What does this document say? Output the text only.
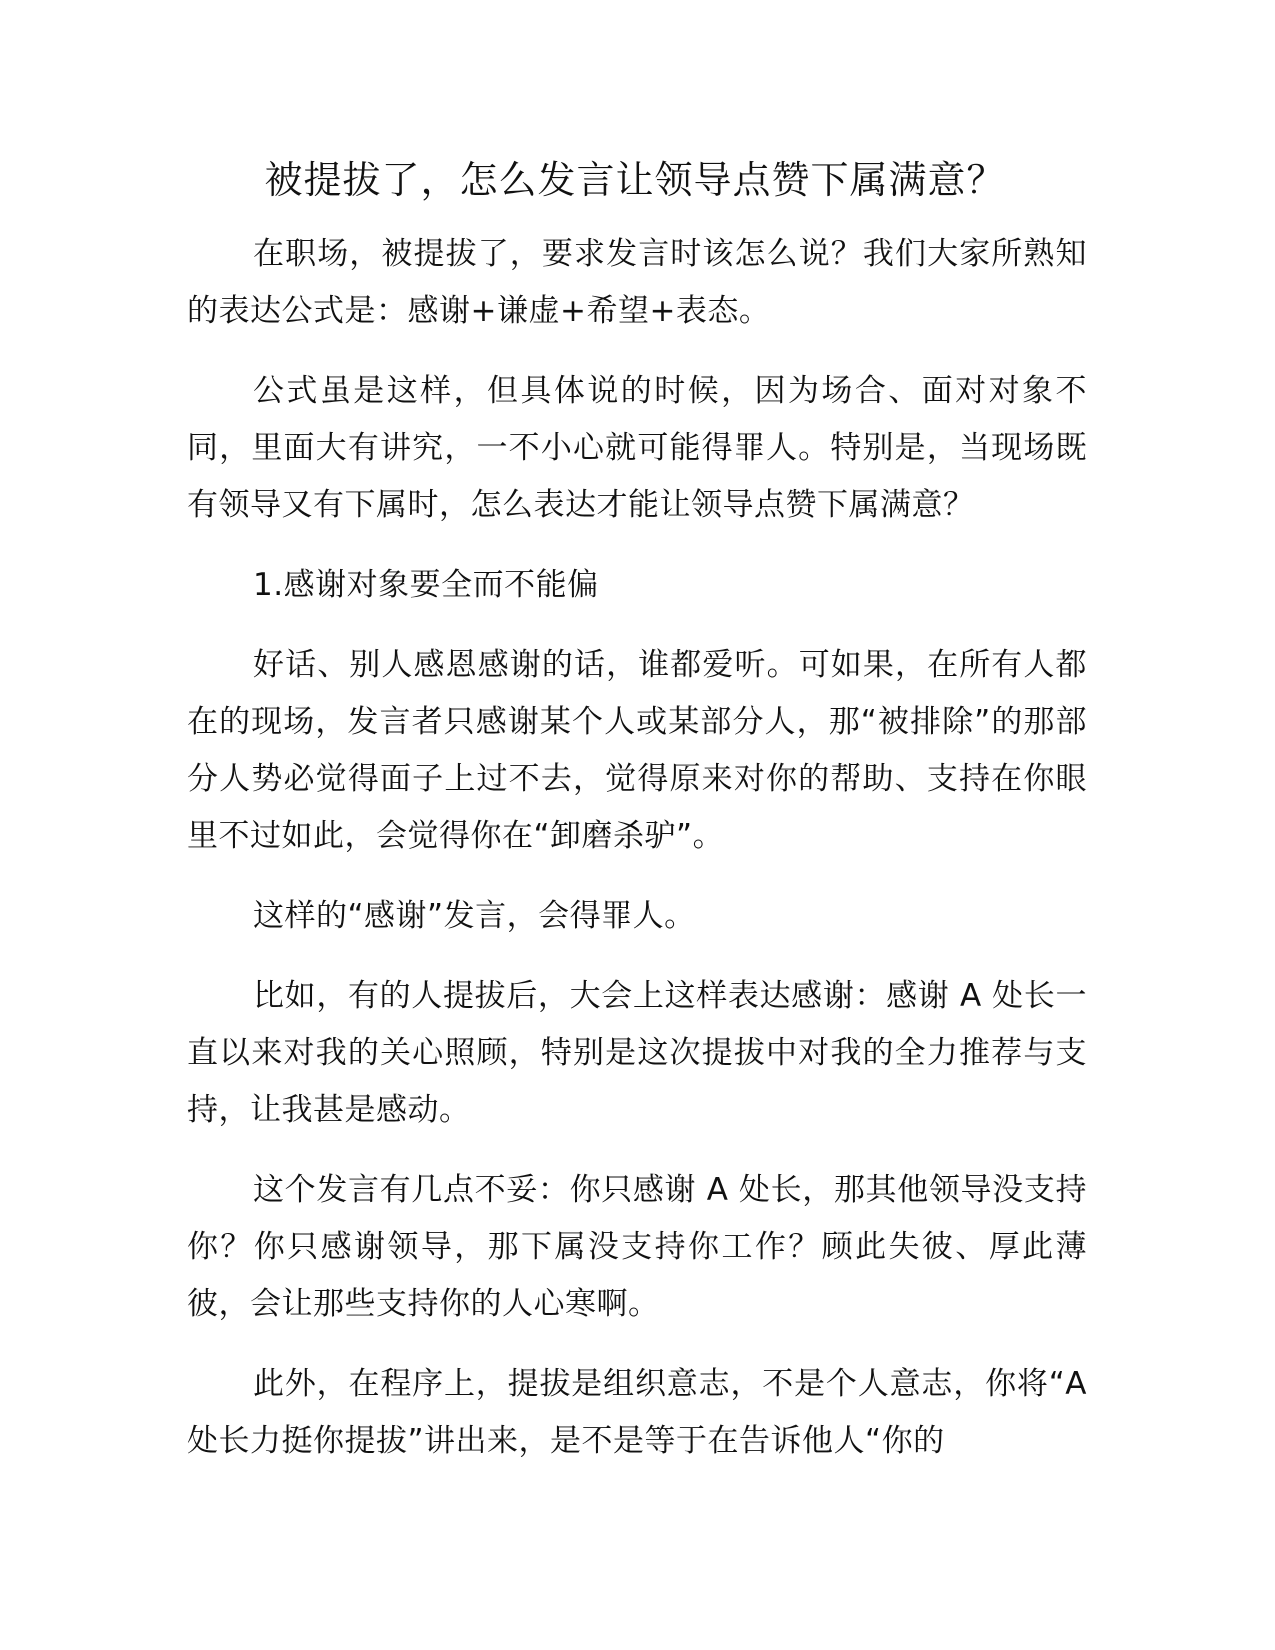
被提拔了，怎么发言让领导点赞下属满意？

在职场，被提拔了，要求发言时该怎么说？我们大家所熟知的表达公式是：感谢+谦虚+希望+表态。

公式虽是这样，但具体说的时候，因为场合、面对对象不同，里面大有讲究，一不小心就可能得罪人。特别是，当现场既有领导又有下属时，怎么表达才能让领导点赞下属满意？

1.感谢对象要全而不能偏

好话、别人感恩感谢的话，谁都爱听。可如果，在所有人都在的现场，发言者只感谢某个人或某部分人，那“被排除”的那部分人势必觉得面子上过不去，觉得原来对你的帮助、支持在你眼里不过如此，会觉得你在“卸磨杀驴”。

这样的“感谢”发言，会得罪人。

比如，有的人提拔后，大会上这样表达感谢：感谢 A 处长一直以来对我的关心照顾，特别是这次提拔中对我的全力推荐与支持，让我甚是感动。

这个发言有几点不妥：你只感谢 A 处长，那其他领导没支持你？你只感谢领导，那下属没支持你工作？顾此失彼、厚此薄彼，会让那些支持你的人心寒啊。

此外，在程序上，提拔是组织意志，不是个人意志，你将“A 处长力挺你提拔”讲出来，是不是等于在告诉他人“你的
